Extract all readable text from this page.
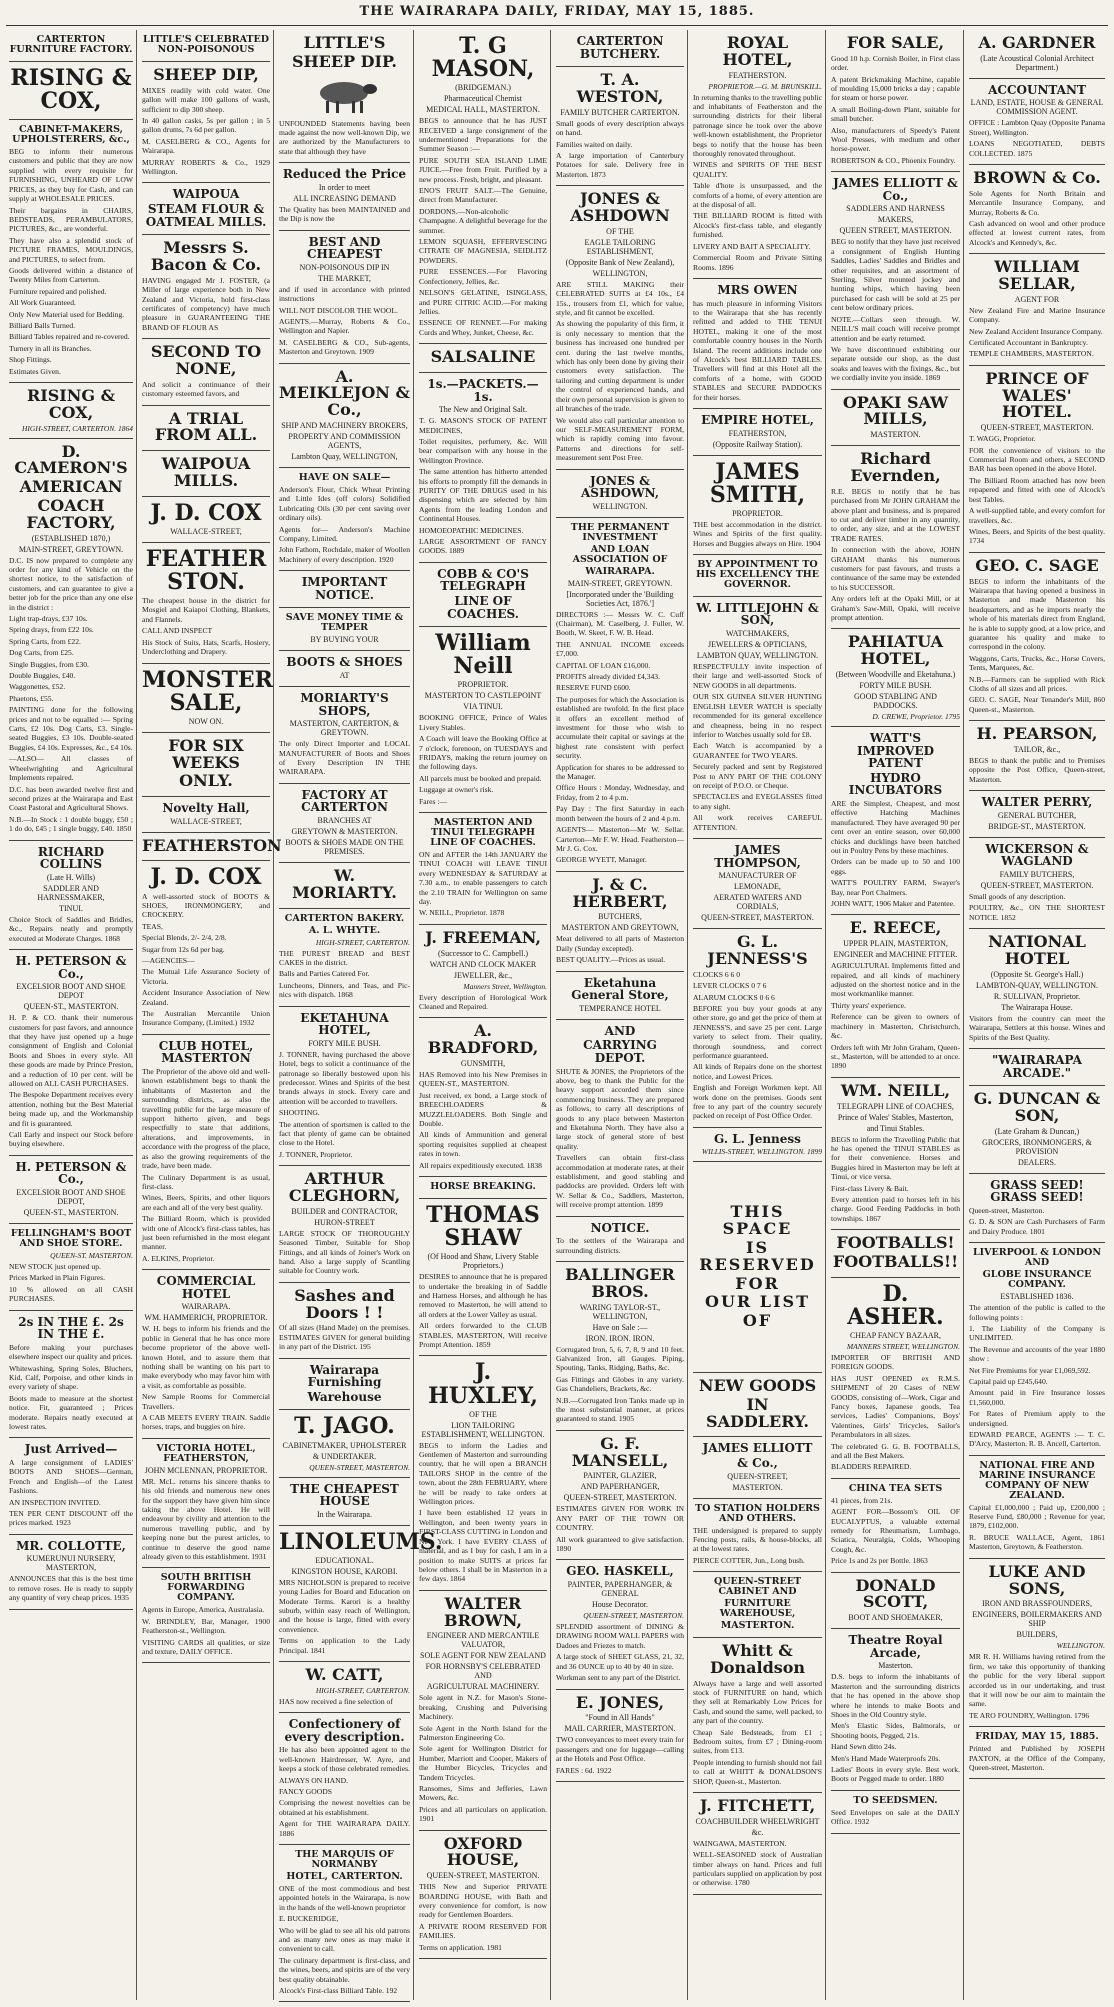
THE WAIRARAPA DAILY, FRIDAY, MAY 15, 1885.
CARTERTON FURNITURE FACTORY.
RISING & COX,
CABINET-MAKERS, UPHOLSTERERS, &c.,
BEG to inform their numerous customers and public that they are now supplied with every requisite for FURNISHING, UNHEARD OF LOW PRICES, as they buy for Cash, and can supply at WHOLESALE PRICES.
Their bargains in CHAIRS, BEDSTEADS, PERAMBULATORS, PICTURES, &c., are wonderful.
They have also a splendid stock of PICTURE FRAMES, MOULDINGS, and PICTURES, to select from.
Goods delivered within a distance of Twenty Miles from Carterton.
Furniture repaired and polished.
All Work Guaranteed.
Only New Material used for Bedding.
Billiard Balls Turned.
Billiard Tables repaired and re-covered.
Turnery in all its Branches.
Shop Fittings.
Estimates Given.
RISING & COX,
HIGH-STREET, CARTERTON. 1864
D. CAMERON'S
AMERICAN
COACH FACTORY,
(ESTABLISHED 1870,)
MAIN-STREET, GREYTOWN.
D.C. IS now prepared to complete any order for any kind of Vehicle on the shortest notice, to the satisfaction of customers, and can guarantee to give a better job for the price than any one else in the district :
Light trap-drays, £37 10s.
Spring drays, from £22 10s.
Spring Carts, from £22.
Dog Carts, from £25.
Single Buggies, from £30.
Double Buggies, £40.
Waggonettes, £52.
Phaetons, £55.
PAINTING done for the following prices and not to be equalled :— Spring Carts, £2 10s. Dog Carts, £3. Single-seated Buggies, £3 10s. Double-seated Buggies, £4 10s. Expresses, &c., £4 10s.
—ALSO— All classes of Wheelwrighting and Agricultural Implements repaired.
D.C. has been awarded twelve first and second prizes at the Wairarapa and East Coast Pastoral and Agricultural Shows.
N.B.—In Stock : 1 double buggy, £50 ; 1 do do, £45 ; 1 single buggy, £40. 1850
RICHARD COLLINS
(Late H. Wills)
SADDLER AND HARNESSMAKER,
TINUI.
Choice Stock of Saddles and Bridles, &c., Repairs neatly and promptly executed at Moderate Charges. 1868
H. PETERSON & Co.,
EXCELSIOR BOOT AND SHOE DEPOT
QUEEN-ST., MASTERTON.
H. P. & CO. thank their numerous customers for past favors, and announce that they have just opened up a huge consignment of English and Colonial Boots and Shoes in every style. All these goods are made by Prince Preston, and a reduction of 10 per cent. will be allowed on ALL CASH PURCHASES.
The Bespoke Department receives every attention, nothing but the Best Material being made up, and the Workmanship and fit is guaranteed.
Call Early and inspect our Stock before buying elsewhere.
H. PETERSON & Co.,
EXCELSIOR BOOT AND SHOE DEPOT,
QUEEN-ST., MASTERTON.
FELLINGHAM'S BOOT AND SHOE STORE.
QUEEN-ST. MASTERTON.
NEW STOCK just opened up.
Prices Marked in Plain Figures.
10 % allowed on all CASH PURCHASES.
2s IN THE £. 2s IN THE £.
Before making your purchases elsewhere inspect our quality and prices.
Whitewashing, Spring Soles, Bluchers, Kid, Calf, Porpoise, and other kinds in every variety of shape.
Boots made to measure at the shortest notice. Fit, guaranteed ; Prices moderate. Repairs neatly executed at lowest rates.
Just Arrived—
A large consignment of LADIES' BOOTS AND SHOES—German, French and English—of the Latest Fashions.
AN INSPECTION INVITED.
TEN PER CENT DISCOUNT off the prices marked. 1923
MR. COLLOTTE,
KUMERUNUI NURSERY, MASTERTON,
ANNOUNCES that this is the best time to remove roses. He is ready to supply any quantity of very cheap prices. 1935
LITTLE'S CELEBRATED NON-POISONOUS
SHEEP DIP,
MIXES readily with cold water. One gallon will make 100 gallons of wash, sufficient to dip 300 sheep.
In 40 gallon casks, 5s per gallon ; in 5 gallon drums, 7s 6d per gallon.
M. CASELBERG & CO., Agents for Wairarapa.
MURRAY ROBERTS & Co., 1929 Wellington.
WAIPOUA
STEAM FLOUR & OATMEAL MILLS.
Messrs S. Bacon & Co.
HAVING engaged Mr J. FOSTER, (a Miller of large experience both in New Zealand and Victoria, hold first-class certificates of competency) have much pleasure in GUARANTEEING THE BRAND OF FLOUR AS
SECOND TO NONE,
And solicit a continuance of their customary esteemed favors, and
A TRIAL FROM ALL.
WAIPOUA MILLS.
J. D. COX
WALLACE-STREET,
FEATHER STON.
The cheapest house in the district for Mosgiel and Kaiapoi Clothing, Blankets, and Flannels.
CALL AND INSPECT
His Stock of Suits, Hats, Scarfs, Hosiery, Underclothing and Drapery.
MONSTER SALE,
NOW ON.
FOR SIX WEEKS
ONLY.
Novelty Hall,
WALLACE-STREET,
FEATHERSTON
J. D. COX
A well-assorted stock of BOOTS & SHOES, IRONMONGERY, and CROCKERY.
TEAS,
Special Blends, 2/- 2/4, 2/8.
Sugar from 12s 6d per bag.
—AGENCIES—
The Mutual Life Assurance Society of Victoria.
Accident Insurance Association of New Zealand.
The Australian Mercantile Union Insurance Company, (Limited.) 1932
CLUB HOTEL, MASTERTON
The Proprietor of the above old and well-known establishment begs to thank the inhabitants of Masterton and the surrounding districts, as also the travelling public for the large measure of support hitherto given, and begs respectfully to state that additions, alterations, and improvements, in accordance with the progress of the place, as also the growing requirements of the trade, have been made.
The Culinary Department is as usual, first-class.
Wines, Beers, Spirits, and other liquors are each and all of the very best quality.
The Billiard Room, which is provided with one of Alcock's first-class tables, has just been refurnished in the most elegant manner.
A. ELKINS, Proprietor.
COMMERCIAL HOTEL
WAIRARAPA.
WM. HAMMERICH, PROPRIETOR.
W. H. begs to inform his friends and the public in General that he has once more become proprietor of the above well-known Hotel, and to assure them that nothing shall be wanting on his part to make everybody who may favor him with a visit, as comfortable as possible.
New Sample Rooms for Commercial Travellers.
A CAB MEETS EVERY TRAIN. Saddle horses, traps, and buggies on hire.
VICTORIA HOTEL, FEATHERSTON,
JOHN MCLENNAN, PROPRIETOR.
MR. McL. returns his sincere thanks to his old friends and numerous new ones for the support they have given him since taking the above Hotel. He will endeavour by civility and attention to the numerous travelling public, and by keeping none but the purest articles, to continue to deserve the good name already given to this establishment. 1931
SOUTH BRITISH FORWARDING COMPANY.
Agents in Europe, America, Australasia.
W. BRINDLEY, Bar, Manager, 1900 Featherston-st., Wellington.
VISITING CARDS all qualities, or size and texture, DAILY OFFICE.
LITTLE'S
SHEEP DIP.
UNFOUNDED Statements having been made against the now well-known Dip, we are authorized by the Manufacturers to state that although they have
Reduced the Price
In order to meet
ALL INCREASING DEMAND
The Quality has been MAINTAINED and the Dip is now the
BEST AND CHEAPEST
NON-POISONOUS DIP IN
THE MARKET,
and if used in accordance with printed instructions
WILL NOT DISCOLOR THE WOOL.
AGENTS.—Murray, Roberts & Co., Wellington and Napier.
M. CASELBERG & CO., Sub-agents, Masterton and Greytown. 1909
A. MEIKLEJON & Co.,
SHIP AND MACHINERY BROKERS,
PROPERTY AND COMMISSION AGENTS,
Lambton Quay, WELLINGTON,
HAVE ON SALE—
Anderson's Flour, Chick Wheat Printing and Little Ides (off colors) Solidified Lubricating Oils (30 per cent saving over ordinary oils).
Agents for— Anderson's Machine Company, Limited.
John Fathom, Rochdale, maker of Woollen Machinery of every description. 1920
IMPORTANT NOTICE.
SAVE MONEY TIME & TEMPER
BY BUYING YOUR
BOOTS & SHOES
AT
MORIARTY'S SHOPS,
MASTERTON, CARTERTON, & GREYTOWN.
The only Direct Importer and LOCAL MANUFACTURER of Boots and Shoes of Every Description IN THE WAIRARAPA.
FACTORY AT CARTERTON
BRANCHES AT
GREYTOWN & MASTERTON.
BOOTS & SHOES MADE ON THE PREMISES.
W. MORIARTY.
CARTERTON BAKERY.
A. L. WHYTE.
HIGH-STREET, CARTERTON.
THE PUREST BREAD and BEST CAKES in the district.
Balls and Parties Catered For.
Luncheons, Dinners, and Teas, and Pic-nics with dispatch. 1868
EKETAHUNA HOTEL,
FORTY MILE BUSH.
J. TONNER, having purchased the above Hotel, begs to solicit a continuance of the patronage so liberally bestowed upon his predecessor. Wines and Spirits of the best brands always in stock. Every care and attention will be accorded to travellers.
SHOOTING.
The attention of sportsmen is called to the fact that plenty of game can be obtained close to the Hotel.
J. TONNER, Proprietor.
ARTHUR CLEGHORN,
BUILDER and CONTRACTOR,
HURON-STREET
LARGE STOCK OF THOROUGHLY Seasoned Timber, Suitable for Shop Fittings, and all kinds of Joiner's Work on hand. Also a large supply of Scantling suitable for Country work.
Sashes and Doors ! !
Of all sizes (Hand Made) on the premises. ESTIMATES GIVEN for general building in any part of the District. 195
Wairarapa Furnishing
Warehouse
T. JAGO.
CABINETMAKER, UPHOLSTERER
& UNDERTAKER.
QUEEN-STREET, MASTERTON.
THE CHEAPEST HOUSE
In the Wairarapa.
LINOLEUMS.
EDUCATIONAL.
KINGSTON HOUSE, KAROBI.
MRS NICHOLSON is prepared to receive young Ladies for Board and Education on Moderate Terms. Karori is a healthy suburb, within easy reach of Wellington, and the house is large, fitted with every convenience.
Terms on application to the Lady Principal. 1841
W. CATT,
HIGH-STREET, CARTERTON.
HAS now received a fine selection of
Confectionery of every description.
He has also been appointed agent to the well-known Hairdresser, W. Ayre, and keeps a stock of those celebrated remedies.
ALWAYS ON HAND.
FANCY GOODS
Comprising the newest novelties can be obtained at his establishment.
Agent for THE WAIRARAPA DAILY. 1886
THE MARQUIS OF NORMANBY
HOTEL, CARTERTON.
ONE of the most commodious and best appointed hotels in the Wairarapa, is now in the hands of the well-known proprietor
E. BUCKERIDGE,
Who will be glad to see all his old patrons and as many new ones as may make it convenient to call.
The culinary department is first-class, and the wines, beers, and spirits are of the very best quality obtainable.
Alcock's First-class Billiard Table. 192
T. G MASON,
(BRIDGEMAN.)
Pharmaceutical Chemist
MEDICAL HALL, MASTERTON.
BEGS to announce that he has JUST RECEIVED a large consignment of the undermentioned Preparations for the Summer Season :—
PURE SOUTH SEA ISLAND LIME JUICE.—Free from Fruit. Purified by a new process. Fresh, bright, and pleasant.
ENO'S FRUIT SALT.—The Genuine, direct from Manufacturer.
DORDONS.—Non-alcoholic Champagne. A delightful beverage for the summer.
LEMON SQUASH, EFFERVESCING CITRATE OF MAGNESIA, SEIDLITZ POWDERS.
PURE ESSENCES.—For Flavoring Confectionery, Jellies, &c.
NELSON'S GELATINE, ISINGLASS, and PURE CITRIC ACID.—For making Jellies.
ESSENCE OF RENNET.—For making Curds and Whey, Junket, Cheese, &c.
SALSALINE
1s.—PACKETS.—1s.
The New and Original Salt.
T. G. MASON'S STOCK OF PATENT MEDICINES,
Toilet requisites, perfumery, &c. Will bear comparison with any house in the Wellington Province.
The same attention has hitherto attended his efforts to promptly fill the demands in PURITY OF THE DRUGS used in his dispensing which are selected by him Agents from the leading London and Continental Houses.
HOMOEOPATHIC MEDICINES.
LARGE ASSORTMENT OF FANCY GOODS. 1889
COBB & CO'S TELEGRAPH
LINE OF COACHES.
William Neill
PROPRIETOR.
MASTERTON TO CASTLEPOINT
VIA TINUI.
BOOKING OFFICE, Prince of Wales Livery Stables.
A Coach will leave the Booking Office at 7 o'clock, forenoon, on TUESDAYS and FRIDAYS, making the return journey on the following days.
All parcels must be booked and prepaid.
Luggage at owner's risk.
Fares :—
MASTERTON AND TINUI TELEGRAPH LINE OF COACHES.
ON and AFTER the 14th JANUARY the TINUI COACH will LEAVE TINUI every WEDNESDAY & SATURDAY at 7.30 a.m., to enable passengers to catch the 2.10 TRAIN for Wellington on same day.
W. NEILL, Proprietor. 1878
J. FREEMAN,
(Successor to C. Campbell.)
WATCH AND CLOCK MAKER
JEWELLER, &c.,
Manners Street, Wellington.
Every description of Horological Work Cleaned and Repaired.
A. BRADFORD,
GUNSMITH,
HAS Removed into his New Premises in QUEEN-ST., MASTERTON.
Just received, ex bond, a Large stock of BREECHLOADERS & MUZZLELOADERS. Both Single and Double.
All kinds of Ammunition and general sporting requisites supplied at cheapest rates in town.
All repairs expeditiously executed. 1838
HORSE BREAKING.
THOMAS SHAW
(Of Hood and Shaw, Livery Stable Proprietors.)
DESIRES to announce that he is prepared to undertake the breaking in of Saddle and Harness Horses, and although he has removed to Masterton, he will attend to all orders at the Lower Valley as usual.
All orders forwarded to the CLUB STABLES, MASTERTON, Will receive Prompt Attention. 1859
J. HUXLEY,
OF THE
LION TAILORING ESTABLISHMENT, WELLINGTON.
BEGS to inform the Ladies and Gentlemen of Masterton and surrounding country, that he will open a BRANCH TAILORS SHOP in the centre of the town, about the 28th FEBRUARY, where he will be ready to take orders at Wellington prices.
I have been established 12 years in Wellington, and been twenty years in FIRST-CLASS CUTTING in London and New York. I have EVERY CLASS of material, and as I buy for cash, I am in a position to make SUITS at prices far below others. I shall be in Masterton in a few days. 1864
WALTER BROWN,
ENGINEER AND MERCANTILE VALUATOR,
SOLE AGENT FOR NEW ZEALAND
FOR HORNSBY'S CELEBRATED AND
AGRICULTURAL MACHINERY.
Sole agent in N.Z. for Mason's Stone-breaking, Crushing and Pulverising Machinery.
Sole Agent in the North Island for the Palmerston Engineering Co.
Sole agent for Wellington District for Humber, Marriott and Cooper, Makers of the Humber Bicycles, Tricycles and Tandem Tricycles.
Ransomes, Sims and Jefferies, Lawn Mowers, &c.
Prices and all particulars on application. 1901
OXFORD HOUSE,
QUEEN-STREET, MASTERTON.
THIS New and Superior PRIVATE BOARDING HOUSE, with Bath and every convenience for comfort, is now ready for Gentlemen Boarders.
A PRIVATE ROOM RESERVED FOR FAMILIES.
Terms on application. 1981
CARTERTON BUTCHERY.
T. A. WESTON,
FAMILY BUTCHER CARTERTON.
Small goods of every description always on hand.
Families waited on daily.
A large importation of Canterbury Potatoes for sale. Delivery free in Masterton. 1873
JONES & ASHDOWN
OF THE
EAGLE TAILORING ESTABLISHMENT,
(Opposite Bank of New Zealand),
WELLINGTON,
ARE STILL MAKING their CELEBRATED SUITS at £4 10s., £4 15s., trousers from £1, which for value, style, and fit cannot be excelled.
As showing the popularity of this firm, it is only necessary to mention that the business has increased one hundred per cent. during the last twelve months, which has only been done by giving their customers every satisfaction. The tailoring and cutting department is under the control of experienced hands, and their own personal supervision is given to all branches of the trade.
We would also call particular attention to our SELF-MEASUREMENT FORM, which is rapidly coming into favour. Patterns and directions for self-measurement sent Post Free.
JONES & ASHDOWN,
WELLINGTON.
THE PERMANENT INVESTMENT
AND LOAN ASSOCIATION OF
WAIRARAPA.
MAIN-STREET, GREYTOWN.
[Incorporated under the 'Building Societies Act, 1876.']
DIRECTORS :— Messrs W. C. Cuff (Chairman), M. Caselberg, J. Fuller, W. Booth, W. Skeet, F. W. B. Head.
THE ANNUAL INCOME exceeds £7,000.
CAPITAL OF LOAN £16,000.
PROFITS already divided £4,343.
RESERVE FUND £600.
The purposes for which the Association is established are twofold. In the first place it offers an excellent method of investment for those who wish to accumulate their capital or savings at the highest rate consistent with perfect security.
Application for shares to be addressed to the Manager.
Office Hours : Monday, Wednesday, and Friday, from 2 to 4 p.m.
Pay Day : The first Saturday in each month between the hours of 2 and 4 p.m.
AGENTS— Masterton—Mr W. Sellar. Carterton—Mr F. W. Head. Featherston—Mr J. G. Cox.
GEORGE WYETT, Manager.
J. & C. HERBERT,
BUTCHERS,
MASTERTON AND GREYTOWN,
Meat delivered to all parts of Masterton Daily (Sunday excepted).
BEST QUALITY.—Prices as usual.
Eketahuna General Store,
TEMPERANCE HOTEL
AND
CARRYING DEPOT.
SHUTE & JONES, the Proprietors of the above, beg to thank the Public for the heavy support accorded them since commencing business. They are prepared as follows, to carry all descriptions of goods to any place between Masterton and Eketahuna North. They have also a large stock of general store of best quality.
Travellers can obtain first-class accommodation at moderate rates, at their establishment, and good stabling and paddocks are provided. Orders left with W. Sellar & Co., Saddlers, Masterton, will receive prompt attention. 1899
NOTICE.
To the settlers of the Wairarapa and surrounding districts.
BALLINGER BROS.
WARING TAYLOR-ST., WELLINGTON,
Have on Sale :—
IRON. IRON. IRON.
Corrugated Iron, 5, 6, 7, 8, 9 and 10 feet. Galvanized Iron, all Gauges. Piping, Spouting, Tanks, Ridging, Baths, &c.
Gas Fittings and Globes in any variety. Gas Chandeliers, Brackets, &c.
N.B.—Corrugated Iron Tanks made up in the most substantial manner, at prices guaranteed to stand. 1905
G. F. MANSELL,
PAINTER, GLAZIER,
AND PAPERHANGER,
QUEEN-STREET, MASTERTON.
ESTIMATES GIVEN FOR WORK IN ANY PART OF THE TOWN OR COUNTRY.
All work guaranteed to give satisfaction. 1890
GEO. HASKELL,
PAINTER, PAPERHANGER, & GENERAL
House Decorator.
QUEEN-STREET, MASTERTON.
SPLENDID assortment of DINING & DRAWING ROOM WALL PAPERS with Dadoes and Friezes to match.
A large stock of SHEET GLASS, 21, 32, and 36 OUNCE up to 40 by 40 in size.
Workman sent to any part of the District.
E. JONES,
"Found in All Hands"
MAIL CARRIER, MASTERTON.
TWO conveyances to meet every train for passengers and one for luggage—calling at the Hotels and Post Office.
FARES : 6d. 1922
ROYAL HOTEL,
FEATHERSTON.
PROPRIETOR.—G. M. BRUNSKILL.
In returning thanks to the travelling public and inhabitants of Featherston and the surrounding districts for their liberal patronage since he took over the above well-known establishment, the Proprietor begs to notify that the house has been thoroughly renovated throughout.
WINES and SPIRITS OF THE BEST QUALITY.
Table d'hote is unsurpassed, and the comforts of a home, of every attention are at the disposal of all.
THE BILLIARD ROOM is fitted with Alcock's first-class table, and elegantly furnished.
LIVERY AND BAIT A SPECIALITY.
Commercial Room and Private Sitting Rooms. 1896
MRS OWEN
has much pleasure in informing Visitors to the Wairarapa that she has recently refitted and added to THE TENUI HOTEL, making it one of the most comfortable country houses in the North Island. The recent additions include one of Alcock's best BILLIARD TABLES. Travellers will find at this Hotel all the comforts of a home, with GOOD STABLES and SECURE PADDOCKS for their horses.
EMPIRE HOTEL,
FEATHERSTON,
(Opposite Railway Station).
JAMES SMITH,
PROPRIETOR.
THE best accommodation in the district. Wines and Spirits of the first quality. Horses and Buggies always on Hire. 1904
BY APPOINTMENT TO HIS EXCELLENCY THE GOVERNOR.
W. LITTLEJOHN & SON,
WATCHMAKERS,
JEWELLERS & OPTICIANS,
LAMBTON QUAY, WELLINGTON.
RESPECTFULLY invite inspection of their large and well-assorted Stock of NEW GOODS in all departments.
OUR SIX GUINEA SILVER HUNTING ENGLISH LEVER WATCH is specially recommended for its general excellence and cheapness, being in no respect inferior to Watches usually sold for £8.
Each Watch is accompanied by a GUARANTEE for TWO YEARS.
Securely packed and sent by Registered Post to ANY PART OF THE COLONY on receipt of P.O.O. or Cheque.
SPECTACLES and EYEGLASSES fitted to any sight.
All work receives CAREFUL ATTENTION.
JAMES THOMPSON,
MANUFACTURER OF
LEMONADE,
AERATED WATERS AND CORDIALS,
QUEEN-STREET, MASTERTON.
G. L. JENNESS'S
CLOCKS 6 6 0
LEVER CLOCKS 0 7 6
ALARUM CLOCKS 0 6 6
BEFORE you buy your goods at any other store, go and get the price of them at JENNESS'S, and save 25 per cent. Large variety to select from. Their quality, thorough soundness, and correct performance guaranteed.
All kinds of Repairs done on the shortest notice, and Lowest Prices.
English and Foreign Workmen kept. All work done on the premises. Goods sent free to any part of the country securely packed on receipt of Post Office Order.
G. L. Jenness
WILLIS-STREET, WELLINGTON. 1899
THIS SPACE
IS RESERVED
FOR
OUR LIST
OF
NEW GOODS
IN SADDLERY.
JAMES ELLIOTT
& Co.,
QUEEN-STREET,
MASTERTON.
TO STATION HOLDERS AND OTHERS.
THE undersigned is prepared to supply Fencing posts, rails, & house-blocks, all at the lowest rates.
PIERCE COTTER, Jun., Long bush.
QUEEN-STREET CABINET AND
FURNITURE WAREHOUSE,
MASTERTON.
Whitt & Donaldson
Always have a large and well assorted stock of FURNITURE on hand, which they sell at Remarkably Low Prices for Cash, and sound the same, well packed, to any part of the country.
Cheap Sale Bedsteads, from £1 ; Bedroom suites, from £7 ; Dining-room suites, from £13.
People intending to furnish should not fail to call at WHITT & DONALDSON'S SHOP, Queen-st., Masterton.
J. FITCHETT,
COACHBUILDER WHEELWRIGHT
&c.
WAINGAWA, MASTERTON.
WELL-SEASONED stock of Australian timber always on hand. Prices and full particulars supplied on application by post or otherwise. 1780
FOR SALE,
Good 10 h.p. Cornish Boiler, in First class order.
A patent Brickmaking Machine, capable of moulding 15,000 bricks a day ; capable for steam or horse power.
A small Boiling-down Plant, suitable for small butcher.
Also, manufacturers of Speedy's Patent Wool Presses, with medium and other horse-power.
ROBERTSON & CO., Phoenix Foundry.
JAMES ELLIOTT & Co.,
SADDLERS AND HARNESS
MAKERS,
QUEEN STREET, MASTERTON.
BEG to notify that they have just received a consignment of English Hunting Saddles, Ladies' Saddles and Bridles and other requisites, and an assortment of Sterling, Silver mounted jockey and hunting whips, which having been purchased for cash will be sold at 25 per cent below ordinary prices.
NOTE.—Collars seen through. W. NEILL'S mail coach will receive prompt attention and be early returned.
We have discontinued exhibiting our separate outside our shop, as the dust soaks and leaves with the fixings, &c., but we cordially invite you inside. 1869
OPAKI SAW MILLS,
MASTERTON.
Richard Evernden,
R.E. BEGS to notify that he has purchased from Mr JOHN GRAHAM the above plant and business, and is prepared to cut and deliver timber in any quantity, to order, any size, and at the LOWEST TRADE RATES.
In connection with the above, JOHN GRAHAM thanks his numerous customers for past favours, and trusts a continuance of the same may be extended to his SUCCESSOR.
Any orders left at the Opaki Mill, or at Graham's Saw-Mill, Opaki, will receive prompt attention.
PAHIATUA HOTEL,
(Between Woodville and Eketahuna.)
FORTY MILE BUSH.
GOOD STABLING AND PADDOCKS.
D. CREWE, Proprietor. 1795
WATT'S IMPROVED PATENT
HYDRO INCUBATORS
ARE the Simplest, Cheapest, and most effective Hatching Machines manufactured. They have averaged 90 per cent over an entire season, over 60,000 chicks and ducklings have been hatched out in Poultry Pens by these machines.
Orders can be made up to 50 and 100 eggs.
WATT'S POULTRY FARM, Swayer's Bay, near Port Chalmers.
JOHN WATT, 1906 Maker and Patentee.
E. REECE,
UPPER PLAIN, MASTERTON,
ENGINEER and MACHINE FITTER.
AGRICULTURAL Implements fitted and repaired, and all kinds of machinery adjusted on the shortest notice and in the most workmanlike manner.
Thirty years' experience.
Reference can be given to owners of machinery in Masterton, Christchurch, &c.
Orders left with Mr John Graham, Queen-st., Masterton, will be attended to at once. 1890
WM. NEILL,
TELEGRAPH LINE of COACHES,
Prince of Wales' Stables, Masterton,
and Tinui Stables.
BEGS to inform the Travelling Public that he has opened the TINUI STABLES as for their convenience. Horses and Buggies hired in Masterton may be left at Tinui, or vice versa.
First-class Livery & Bait.
Every attention paid to horses left in his charge. Good Feeding Paddocks in both townships. 1867
FOOTBALLS!
FOOTBALLS!!
D. ASHER.
CHEAP FANCY BAZAAR,
MANNERS STREET, WELLINGTON.
IMPORTER OF BRITISH AND FOREIGN GOODS.
HAS JUST OPENED ex R.M.S. SHIPMENT of 20 Cases of NEW GOODS, consisting of—Work, Cigar and Fancy boxes, Japanese goods, Tea services, Ladies' Companions, Boys' Valentines, Girls' Tricycles, Sailor's Perambulators in all sizes.
The celebrated G. G. B. FOOTBALLS, and all the Best Makers.
BLADDERS REPAIRED.
CHINA TEA SETS
41 pieces, from 21s.
AGENT FOR—Bossom's OIL OF EUCALYPTUS, a valuable external remedy for Rheumatism, Lumbago, Sciatica, Neuralgia, Colds, Whooping Cough, &c.
Price 1s and 2s per Bottle. 1863
DONALD SCOTT,
BOOT AND SHOEMAKER,
Theatre Royal Arcade,
Masterton.
D.S. begs to inform the inhabitants of Masterton and the surrounding districts that he has opened in the above shop where he intends to make Boots and Shoes in the Old Country style.
Men's Elastic Sides, Balmorals, or Shooting boots, Pegged, 21s.
Hand Sewn ditto 24s.
Men's Hand Made Waterproofs 20s.
Ladies' Boots in every style. Best work. Boots or Pegged made to order. 1880
TO SEEDSMEN.
Seed Envelopes on sale at the DAILY Office. 1932
A. GARDNER
(Late Acoustical Colonial Architect Department.)
ACCOUNTANT
LAND, ESTATE, HOUSE & GENERAL COMMISSION AGENT.
OFFICE : Lambton Quay (Opposite Panama Street), Wellington.
LOANS NEGOTIATED, DEBTS COLLECTED. 1875
BROWN & Co.
Sole Agents for North Britain and Mercantile Insurance Company, and Murray, Roberts & Co.
Cash advanced on wool and other produce effected at lowest current rates, from Alcock's and Kennedy's, &c.
WILLIAM SELLAR,
AGENT FOR
New Zealand Fire and Marine Insurance Company.
New Zealand Accident Insurance Company.
Certificated Accountant in Bankruptcy.
TEMPLE CHAMBERS, MASTERTON.
PRINCE OF WALES' HOTEL.
QUEEN-STREET, MASTERTON.
T. WAGG, Proprietor.
FOR the convenience of visitors to the Commercial Room and others, a SECOND BAR has been opened in the above Hotel.
The Billiard Room attached has now been repapered and fitted with one of Alcock's best Tables.
A well-supplied table, and every comfort for travellers, &c.
Wines, Beers, and Spirits of the best quality. 1734
GEO. C. SAGE
BEGS to inform the inhabitants of the Wairarapa that having opened a business in Masterton and made Masterton his headquarters, and as he imports nearly the whole of his materials direct from England, he is able to supply good, at a low price, and guarantee his quality and make to correspond in the colony.
Waggons, Carts, Trucks, &c., Horse Covers, Tents, Marquees, &c.
N.B.—Farmers can be supplied with Rick Cloths of all sizes and all prices.
GEO. C. SAGE, Near Tenander's Mill, 860 Queen-st., Masterton.
H. PEARSON,
TAILOR, &c.,
BEGS to thank the public and to Premises opposite the Post Office, Queen-street, Masterton.
WALTER PERRY,
GENERAL BUTCHER,
BRIDGE-ST., MASTERTON.
WICKERSON & WAGLAND
FAMILY BUTCHERS,
QUEEN-STREET, MASTERTON.
Small goods of any description.
POULTRY, &c., ON THE SHORTEST NOTICE. 1852
NATIONAL HOTEL
(Opposite St. George's Hall.)
LAMBTON-QUAY, WELLINGTON.
R. SULLIVAN, Proprietor.
The Wairarapa House.
Visitors from the country can meet the Wairarapa, Settlers at this house. Wines and Spirits of the Best Quality.
"WAIRARAPA ARCADE."
G. DUNCAN & SON,
(Late Graham & Duncan,)
GROCERS, IRONMONGERS, & PROVISION
DEALERS.
GRASS SEED! GRASS SEED!
Queen-street, Masterton.
G. D. & SON are Cash Purchasers of Farm and Dairy Produce. 1801
LIVERPOOL & LONDON AND
GLOBE INSURANCE COMPANY.
ESTABLISHED 1836.
The attention of the public is called to the following points :
1. The Liability of the Company is UNLIMITED.
The Revenue and accounts of the year 1880 show :
Net Fire Premiums for year £1,069,592.
Capital paid up £245,640.
Amount paid in Fire Insurance losses £1,560,000.
For Rates of Premium apply to the undersigned.
EDWARD PEARCE, AGENTS :— T. C. D'Arcy, Masterton. R. B. Ancell, Carterton.
NATIONAL FIRE AND MARINE INSURANCE COMPANY OF NEW ZEALAND.
Capital £1,000,000 ; Paid up, £200,000 ; Reserve Fund, £80,000 ; Revenue for year, 1879, £102,000.
R. BRUCE WALLACE, Agent, 1861 Masterton, Greytown, & Featherston.
LUKE AND SONS,
IRON AND BRASSFOUNDERS,
ENGINEERS, BOILERMAKERS AND SHIP
BUILDERS,
WELLINGTON.
MR R. H. Williams having retired from the firm, we take this opportunity of thanking the public for the very liberal support accorded us in our undertaking, and trust that it will now be our aim to maintain the same.
TE ARO FOUNDRY, Wellington. 1796
FRIDAY, MAY 15, 1885.
Printed and Published by JOSEPH PAXTON, at the Office of the Company, Queen-street, Masterton.
